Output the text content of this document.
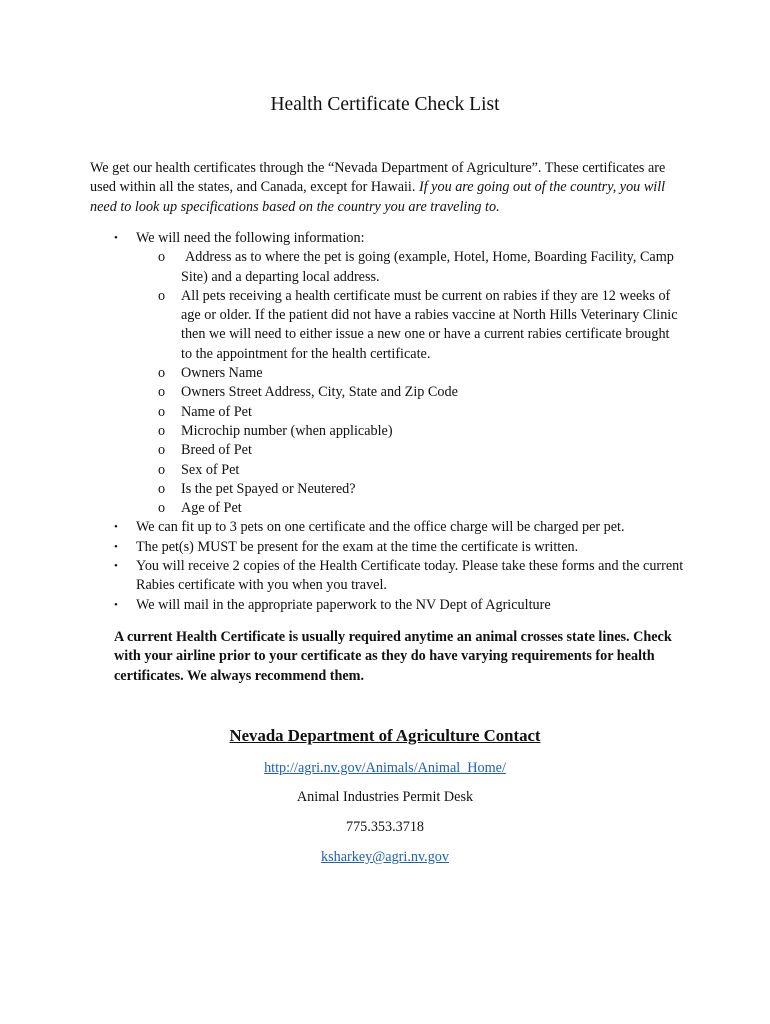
Health Certificate Check List
We get our health certificates through the “Nevada Department of Agriculture”. These certificates are used within all the states, and Canada, except for Hawaii. If you are going out of the country, you will need to look up specifications based on the country you are traveling to.
• We will need the following information:
o Address as to where the pet is going (example, Hotel, Home, Boarding Facility, Camp Site) and a departing local address.
o All pets receiving a health certificate must be current on rabies if they are 12 weeks of age or older. If the patient did not have a rabies vaccine at North Hills Veterinary Clinic then we will need to either issue a new one or have a current rabies certificate brought to the appointment for the health certificate.
o Owners Name
o Owners Street Address, City, State and Zip Code
o Name of Pet
o Microchip number (when applicable)
o Breed of Pet
o Sex of Pet
o Is the pet Spayed or Neutered?
o Age of Pet
• We can fit up to 3 pets on one certificate and the office charge will be charged per pet.
• The pet(s) MUST be present for the exam at the time the certificate is written.
• You will receive 2 copies of the Health Certificate today. Please take these forms and the current Rabies certificate with you when you travel.
• We will mail in the appropriate paperwork to the NV Dept of Agriculture
A current Health Certificate is usually required anytime an animal crosses state lines. Check with your airline prior to your certificate as they do have varying requirements for health certificates. We always recommend them.
Nevada Department of Agriculture Contact
http://agri.nv.gov/Animals/Animal_Home/
Animal Industries Permit Desk
775.353.3718
ksharkey@agri.nv.gov
